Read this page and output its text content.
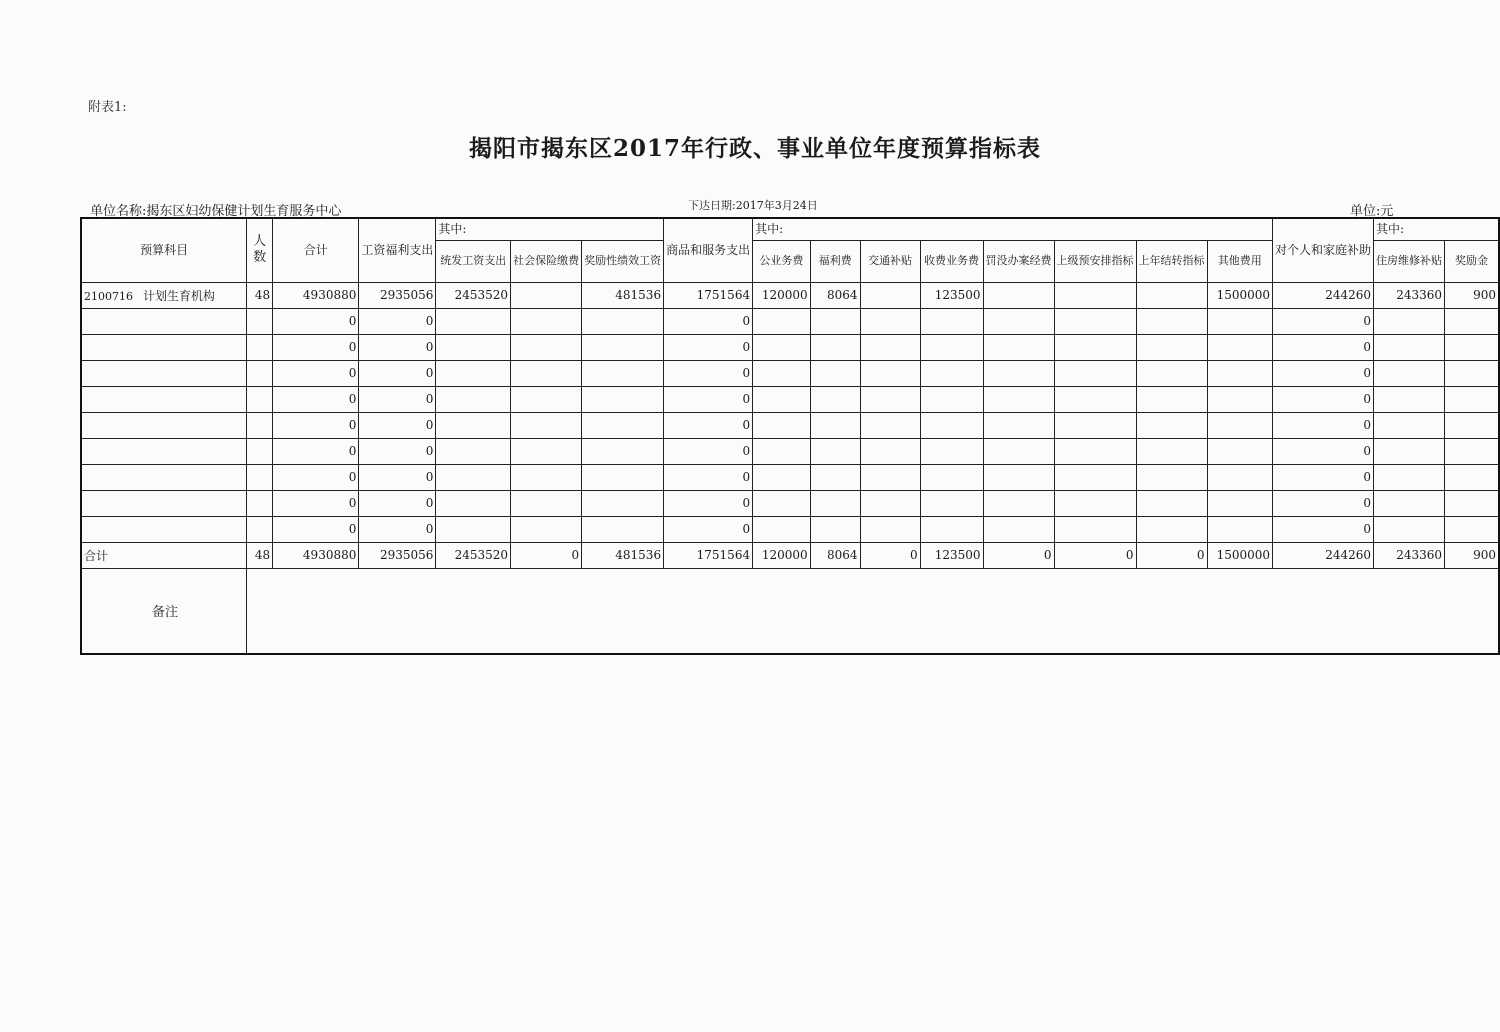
附表1:
揭阳市揭东区2017年行政、事业单位年度预算指标表
单位名称:揭东区妇幼保健计划生育服务中心	下达日期:2017年3月24日	单位:元
预算科目	人数	合计	工资福利支出	其中:			商品和服务支出	其中:								对个人和家庭补助	其中:	
				统发工资支出	社会保险缴费	奖励性绩效工资		公业务费	福利费	交通补贴	收费业务费	罚没办案经费	上级预安排指标	上年结转指标	其他费用		住房维修补贴	奖励金
2100716 计划生育机构	48	4930880	2935056	2453520		481536	1751564	120000	8064		123500				1500000	244260	243360	900
		0	0				0									0		
		0	0				0									0		
		0	0				0									0		
		0	0				0									0		
		0	0				0									0		
		0	0				0									0		
		0	0				0									0		
		0	0				0									0		
		0	0				0									0		
合计	48	4930880	2935056	2453520	0	481536	1751564	120000	8064	0	123500	0	0	0	1500000	244260	243360	900
备注																		
